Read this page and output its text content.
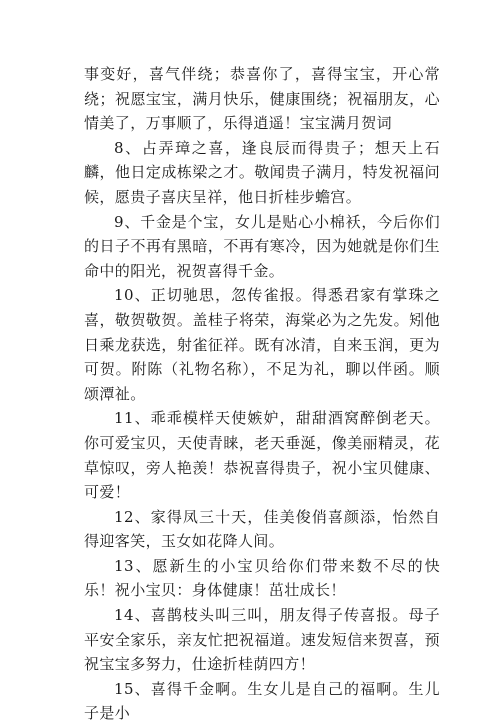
事变好，喜气伴绕；恭喜你了，喜得宝宝，开心常绕；祝愿宝宝，满月快乐，健康围绕；祝福朋友，心情美了，万事顺了，乐得逍遥！宝宝满月贺词

8、占弄璋之喜，逢良辰而得贵子；想天上石麟，他日定成栋梁之才。敬闻贵子满月，特发祝福问候，愿贵子喜庆呈祥，他日折桂步蟾宫。

9、千金是个宝，女儿是贴心小棉袄，今后你们的日子不再有黑暗，不再有寒冷，因为她就是你们生命中的阳光，祝贺喜得千金。

10、正切驰思，忽传雀报。得悉君家有掌珠之喜，敬贺敬贺。盖桂子将荣，海棠必为之先发。矧他日乘龙获选，射雀征祥。既有冰清，自来玉润，更为可贺。附陈（礼物名称），不足为礼，聊以伴函。顺颂潭祉。

11、乖乖模样天使嫉妒，甜甜酒窝醉倒老天。你可爱宝贝，天使青睐，老天垂涎，像美丽精灵，花草惊叹，旁人艳羡！恭祝喜得贵子，祝小宝贝健康、可爱！

12、家得凤三十天，佳美俊俏喜颜添，怡然自得迎客笑，玉女如花降人间。

13、愿新生的小宝贝给你们带来数不尽的快乐！祝小宝贝：身体健康！茁壮成长！

14、喜鹊枝头叫三叫，朋友得子传喜报。母子平安全家乐，亲友忙把祝福道。速发短信来贺喜，预祝宝宝多努力，仕途折桂荫四方！

15、喜得千金啊。生女儿是自己的福啊。生儿子是小
